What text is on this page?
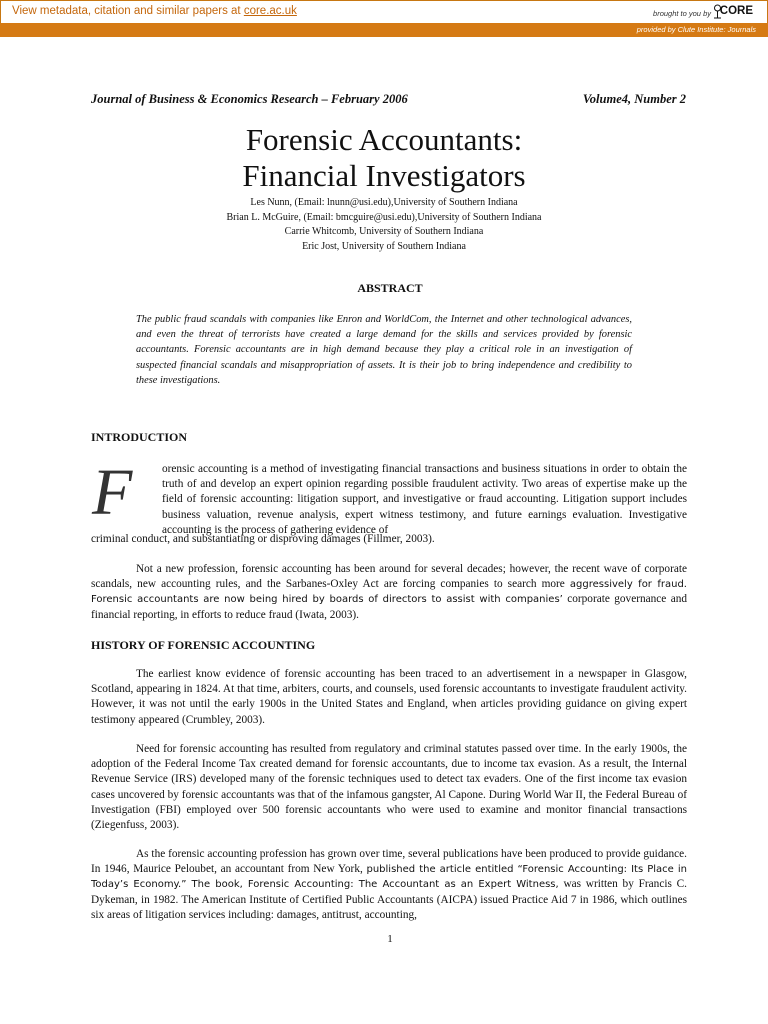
View metadata, citation and similar papers at core.ac.uk	brought to you by CORE
provided by Clute Institute: Journals
Journal of Business & Economics Research – February 2006	Volume4, Number 2
Forensic Accountants:
Financial Investigators
Les Nunn, (Email: lnunn@usi.edu),University of Southern Indiana
Brian L. McGuire, (Email: bmcguire@usi.edu),University of Southern Indiana
Carrie Whitcomb, University of Southern Indiana
Eric Jost, University of Southern Indiana
ABSTRACT
The public fraud scandals with companies like Enron and WorldCom, the Internet and other technological advances, and even the threat of terrorists have created a large demand for the skills and services provided by forensic accountants. Forensic accountants are in high demand because they play a critical role in an investigation of suspected financial scandals and misappropriation of assets. It is their job to bring independence and credibility to these investigations.
INTRODUCTION
F	orensic accounting is a method of investigating financial transactions and business situations in order to obtain the truth of and develop an expert opinion regarding possible fraudulent activity. Two areas of expertise make up the field of forensic accounting: litigation support, and investigative or fraud accounting. Litigation support includes business valuation, revenue analysis, expert witness testimony, and future earnings evaluation. Investigative accounting is the process of gathering evidence of
criminal conduct, and substantiating or disproving damages (Fillmer, 2003).

Not a new profession, forensic accounting has been around for several decades; however, the recent wave of corporate scandals, new accounting rules, and the Sarbanes-Oxley Act are forcing companies to search more aggressively for fraud. Forensic accountants are now being hired by boards of directors to assist with companies’ corporate governance and financial reporting, in efforts to reduce fraud (Iwata, 2003).

HISTORY OF FORENSIC ACCOUNTING

The earliest know evidence of forensic accounting has been traced to an advertisement in a newspaper in Glasgow, Scotland, appearing in 1824. At that time, arbiters, courts, and counsels, used forensic accountants to investigate fraudulent activity. However, it was not until the early 1900s in the United States and England, when articles providing guidance on giving expert testimony appeared (Crumbley, 2003).

Need for forensic accounting has resulted from regulatory and criminal statutes passed over time. In the early 1900s, the adoption of the Federal Income Tax created demand for forensic accountants, due to income tax evasion. As a result, the Internal Revenue Service (IRS) developed many of the forensic techniques used to detect tax evaders. One of the first income tax evasion cases uncovered by forensic accountants was that of the infamous gangster, Al Capone. During World War II, the Federal Bureau of Investigation (FBI) employed over 500 forensic accountants who were used to examine and monitor financial transactions (Ziegenfuss, 2003).

As the forensic accounting profession has grown over time, several publications have been produced to provide guidance. In 1946, Maurice Peloubet, an accountant from New York, published the article entitled “Forensic Accounting: Its Place in Today’s Economy.” The book, Forensic Accounting: The Accountant as an Expert Witness, was written by Francis C. Dykeman, in 1982. The American Institute of Certified Public Accountants (AICPA) issued Practice Aid 7 in 1986, which outlines six areas of litigation services including: damages, antitrust, accounting,

1
